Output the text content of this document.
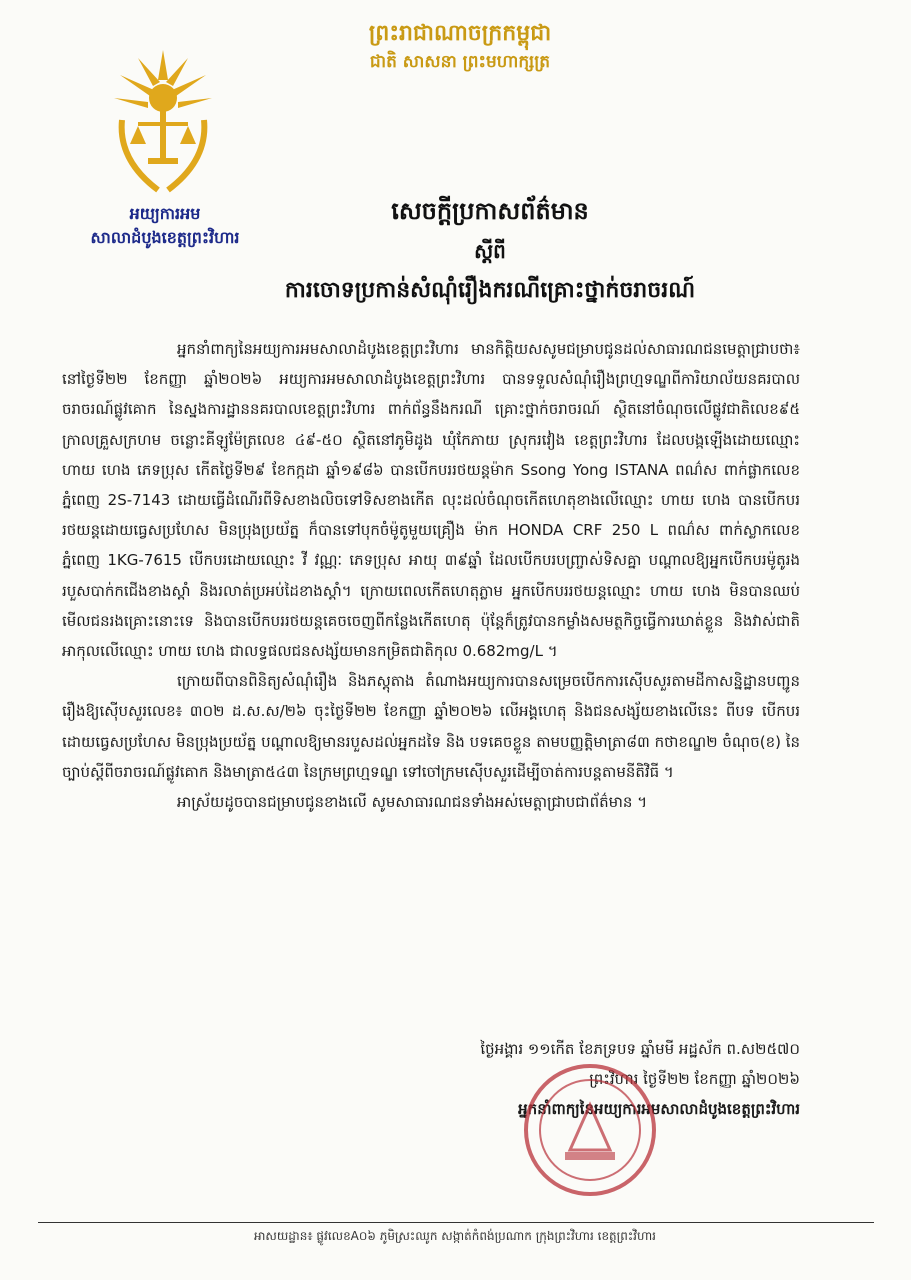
អយ្យការអម
សាលាដំបូងខេត្តព្រះវិហារ
ព្រះរាជាណាចក្រកម្ពុជា
ជាតិ សាសនា ព្រះមហាក្សត្រ
សេចក្ដីប្រកាសព័ត៌មាន
ស្ដីពី
ការចោទប្រកាន់សំណុំរឿងករណីគ្រោះថ្នាក់ចរាចរណ៍

អ្នកនាំពាក្យនៃអយ្យការអមសាលាដំបូងខេត្តព្រះវិហារ មានកិត្តិយសសូមជម្រាបជូនដល់សាធារណជនមេត្តាជ្រាបថា៖ នៅថ្ងៃទី២២ ខែកញ្ញា ឆ្នាំ២០២៦ អយ្យការអមសាលាដំបូងខេត្តព្រះវិហារ បានទទួលសំណុំរឿងព្រហ្មទណ្ឌពីការិយាល័យនគរបាលចរាចរណ៍ផ្លូវគោក នៃស្នងការដ្ឋាននគរបាលខេត្តព្រះវិហារ ពាក់ព័ន្ធនឹងករណី គ្រោះថ្នាក់ចរាចរណ៍ ស្ថិតនៅចំណុចលើផ្លូវជាតិលេខ៩៥ ក្រាលគ្រួសក្រហម ចន្លោះគីឡូម៉ែត្រលេខ ៤៩-៥០ ស្ថិតនៅភូមិដូង ឃុំកែភាយ ស្រុករវៀង ខេត្តព្រះវិហារ ដែលបង្កឡើងដោយឈ្មោះ ហាយ ហេង ភេទប្រុស កើតថ្ងៃទី២៩ ខែកក្កដា ឆ្នាំ១៩៨៦ បានបើកបររថយន្តម៉ាក Ssong Yong ISTANA ពណ៌ស ពាក់ផ្លាកលេខ ភ្នំពេញ 2S-7143 ដោយធ្វើដំណើរពីទិសខាងលិចទៅទិសខាងកើត លុះដល់ចំណុចកើតហេតុខាងលើឈ្មោះ ហាយ ហេង បានបើកបររថយន្តដោយធ្វេសប្រហែស មិនប្រុងប្រយ័ត្ន ក៏បានទៅបុកចំម៉ូតូមួយគ្រឿង ម៉ាក HONDA CRF 250 L ពណ៌ស ពាក់ស្លាកលេខ ភ្នំពេញ 1KG-7615 បើកបរដោយឈ្មោះ វី វណ្ណៈ ភេទប្រុស អាយុ ៣៩ឆ្នាំ ដែលបើកបរបញ្ច្រាស់ទិសគ្នា បណ្ដាលឱ្យអ្នកបើកបរម៉ូតូរងរបួសបាក់កជើងខាងស្ដាំ និងរលាត់ប្រអប់ដៃខាងស្ដាំ។ ក្រោយពេលកើតហេតុភ្លាម អ្នកបើកបររថយន្តឈ្មោះ ហាយ ហេង មិនបានឈប់មើលជនរងគ្រោះនោះទេ និងបានបើកបររថយន្តគេចចេញពីកន្លែងកើតហេតុ ប៉ុន្តែក៏ត្រូវបានកម្លាំងសមត្ថកិច្ចធ្វើការឃាត់ខ្លួន និងវាស់ជាតិអាកុលលើឈ្មោះ ហាយ ហេង ជាលទ្ធផលជនសង្ស័យមានកម្រិតជាតិកុល 0.682mg/L ។

ក្រោយពីបានពិនិត្យសំណុំរឿង និងភស្តុតាង តំណាងអយ្យការបានសម្រេចបើកការស៊ើបសួរតាមដីកាសន្និដ្ឋានបញ្ជូនរឿងឱ្យស៊ើបសួរលេខ៖ ៣០២ ដ.ស.ស/២៦ ចុះថ្ងៃទី២២ ខែកញ្ញា ឆ្នាំ២០២៦ លើអង្គហេតុ និងជនសង្ស័យខាងលើនេះ ពីបទ បើកបរដោយធ្វេសប្រហែស មិនប្រុងប្រយ័ត្ន បណ្ដាលឱ្យមានរបួសដល់អ្នកដទៃ និង បទគេចខ្លួន តាមបញ្ញត្តិមាត្រា៨៣ កថាខណ្ឌ២ ចំណុច(ខ) នៃច្បាប់ស្ដីពីចរាចរណ៍ផ្លូវគោក និងមាត្រា៥៤៣ នៃក្រមព្រហ្មទណ្ឌ ទៅចៅក្រមស៊ើបសួរដើម្បីចាត់ការបន្តតាមនីតិវិធី ។

អាស្រ័យដូចបានជម្រាបជូនខាងលើ សូមសាធារណជនទាំងអស់មេត្តាជ្រាបជាព័ត៌មាន ។

ថ្ងៃអង្គារ ១១កើត ខែភទ្របទ ឆ្នាំមមី អដ្ឋស័ក ព.ស២៥៧០
ព្រះវិហារ ថ្ងៃទី២២ ខែកញ្ញា ឆ្នាំ២០២៦
អ្នកនាំពាក្យនៃអយ្យការអមសាលាដំបូងខេត្តព្រះវិហារ
អាសយដ្ឋាន៖ ផ្លូវលេខA០៦ ភូមិស្រះឈូក សង្កាត់កំពង់ប្រណាក ក្រុងព្រះវិហារ ខេត្តព្រះវិហារ
